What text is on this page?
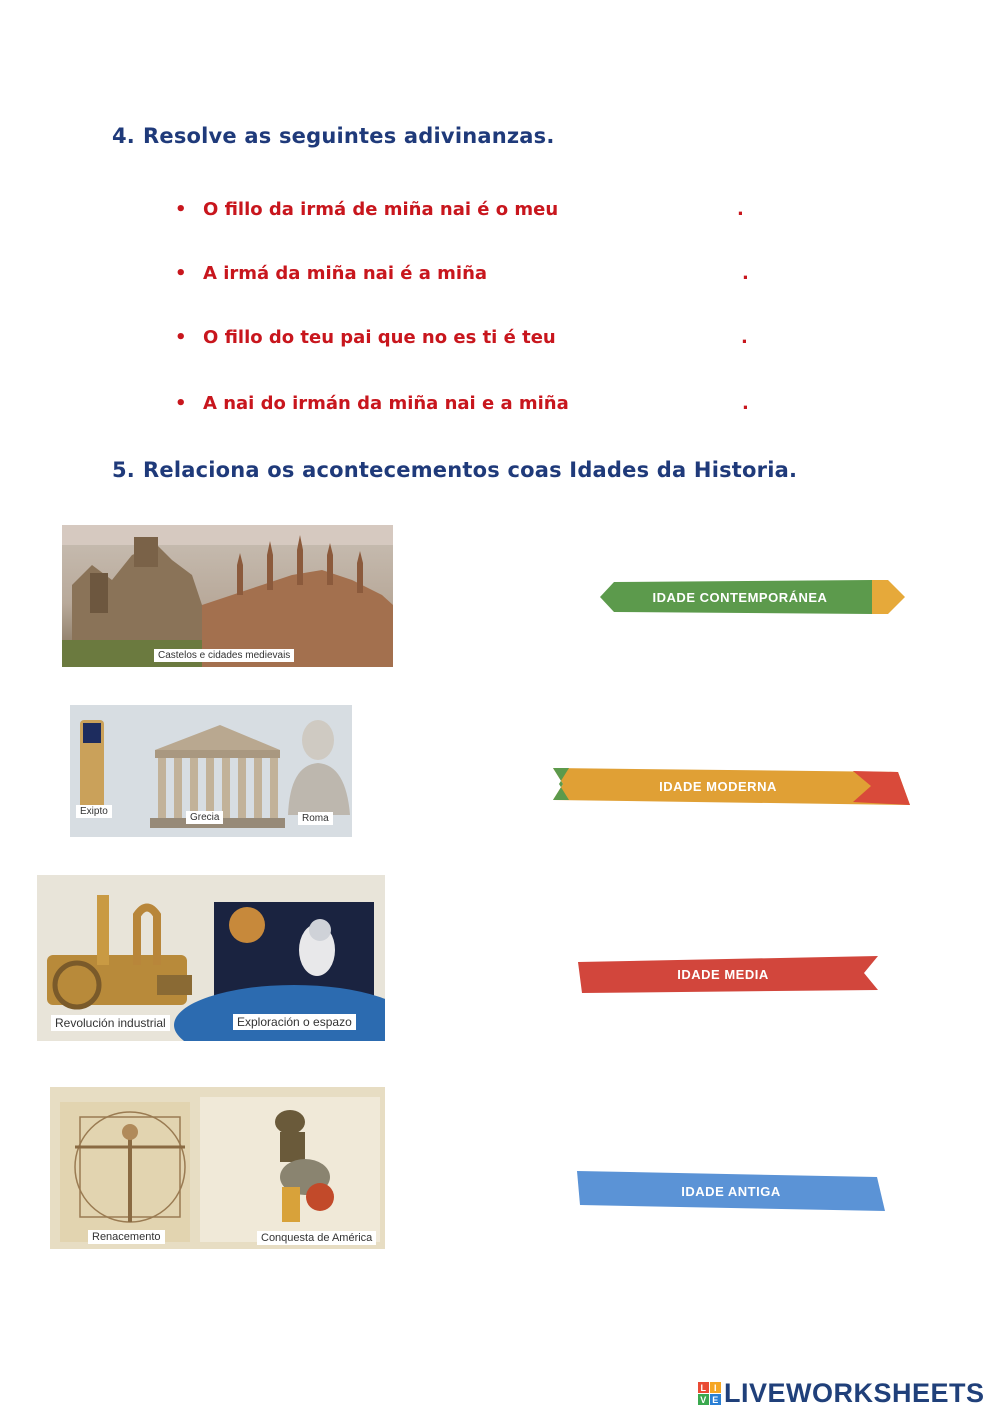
4. Resolve as seguintes adivinanzas.
• O fillo da irmá de miña nai é o meu	.
• A irmá da miña nai é a miña	.
• O fillo do teu pai que no es ti é teu	.
• A nai do irmán da miña nai e a miña	.
5. Relaciona os acontecementos coas Idades da Historia.
Castelos e cidades medievais
Exipto
Grecia	Roma
Revolución industrial	Exploración o espazo
Renacemento	Conquesta de América
IDADE CONTEMPORÁNEA
IDADE MODERNA
IDADE MEDIA
IDADE ANTIGA
L I
V E LIVEWORKSHEETS
